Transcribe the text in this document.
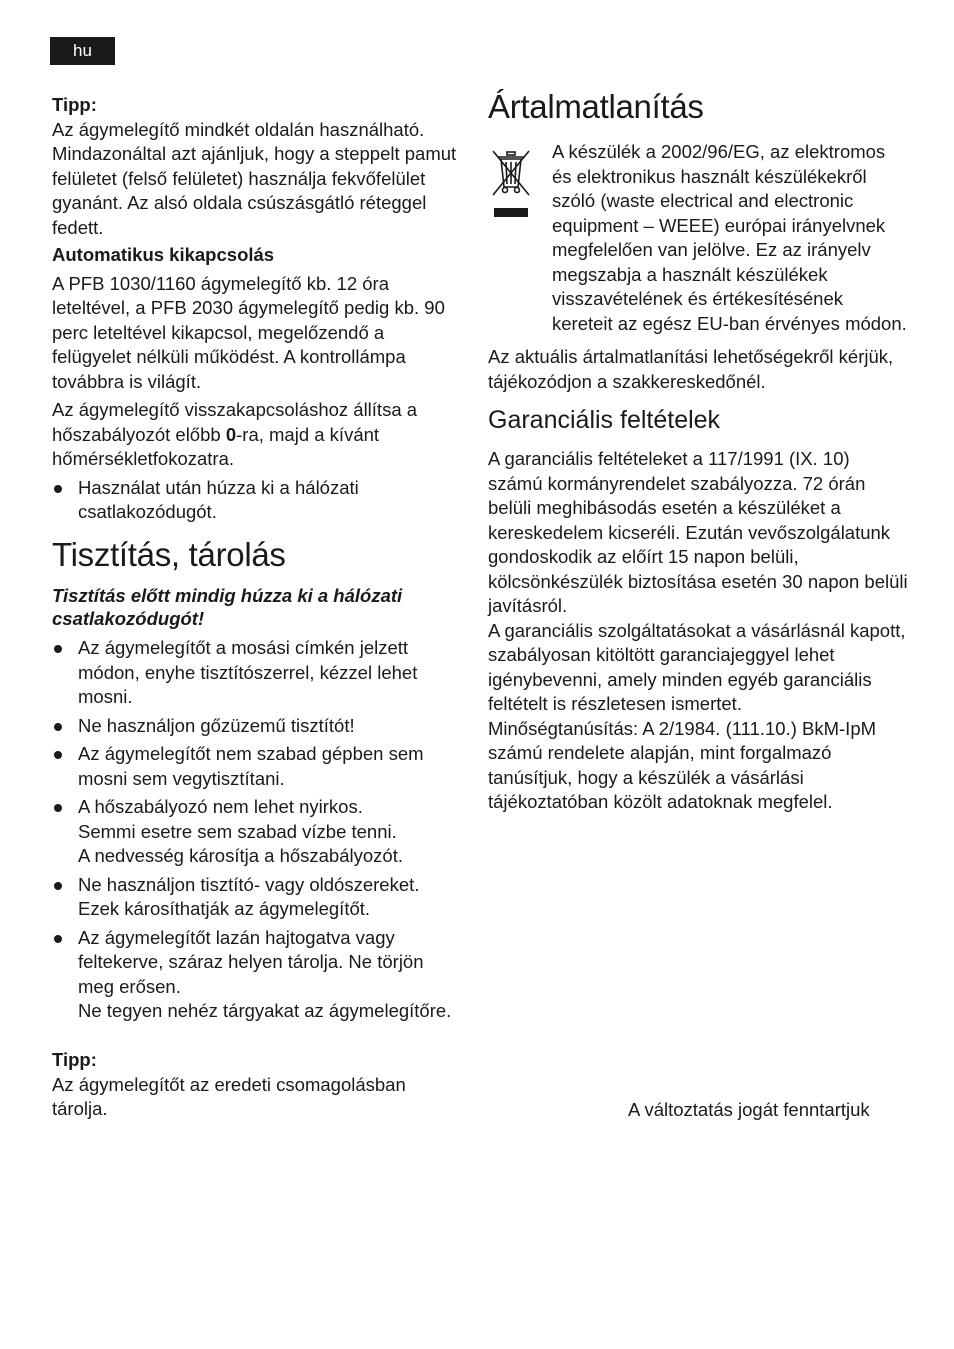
hu

Tipp:

Az ágymelegítő mindkét oldalán használható. Mindazonáltal azt ajánljuk, hogy a steppelt pamut felületet (felső felületet) használja fekvőfelület gyanánt. Az alsó oldala csúszásgátló réteggel fedett.

Automatikus kikapcsolás

A PFB 1030/1160 ágymelegítő kb. 12 óra leteltével, a PFB 2030 ágymelegítő pedig kb. 90 perc leteltével kikapcsol, megelőzendő a felügyelet nélküli működést. A kontrollámpa továbbra is világít.

Az ágymelegítő visszakapcsoláshoz állítsa a hőszabályozót előbb 0-ra, majd a kívánt hőmérsékletfokozatra.

Használat után húzza ki a hálózati csatlakozódugót.
Tisztítás, tárolás

Tisztítás előtt mindig húzza ki a hálózati csatlakozódugót!

Az ágymelegítőt a mosási címkén jelzett módon, enyhe tisztítószerrel, kézzel lehet mosni.
Ne használjon gőzüzemű tisztítót!
Az ágymelegítőt nem szabad gépben sem mosni sem vegytisztítani.
A hőszabályozó nem lehet nyirkos.
Semmi esetre sem szabad vízbe tenni.
A nedvesség károsítja a hőszabályozót.
Ne használjon tisztító- vagy oldószereket. Ezek károsíthatják az ágymelegítőt.
Az ágymelegítőt lazán hajtogatva vagy feltekerve, száraz helyen tárolja. Ne törjön meg erősen.
Ne tegyen nehéz tárgyakat az ágymelegítőre.

Tipp:

Az ágymelegítőt az eredeti csomagolásban tárolja.

Ártalmatlanítás

A készülék a 2002/96/EG, az elektromos és elektronikus használt készülékekről szóló (waste electrical and electronic equipment – WEEE) európai irányelvnek megfelelően van jelölve. Ez az irányelv megszabja a használt készülékek visszavételének és értékesítésének kereteit az egész EU-ban érvényes módon.

Az aktuális ártalmatlanítási lehetőségekről kérjük, tájékozódjon a szakkereskedőnél.

Garanciális feltételek

A garanciális feltételeket a 117/1991 (IX. 10) számú kormányrendelet szabályozza. 72 órán belüli meghibásodás esetén a készüléket a kereskedelem kicseréli. Ezután vevőszolgálatunk gondoskodik az előírt 15 napon belüli, kölcsönkészülék biztosítása esetén 30 napon belüli javításról.
A garanciális szolgáltatásokat a vásárlásnál kapott, szabályosan kitöltött garanciajeggyel lehet igénybevenni, amely minden egyéb garanciális feltételt is részletesen ismertet.
Minőségtanúsítás: A 2/1984. (111.10.) BkM-IpM számú rendelete alapján, mint forgalmazó tanúsítjuk, hogy a készülék a vásárlási tájékoztatóban közölt adatoknak megfelel.

A változtatás jogát fenntartjuk
